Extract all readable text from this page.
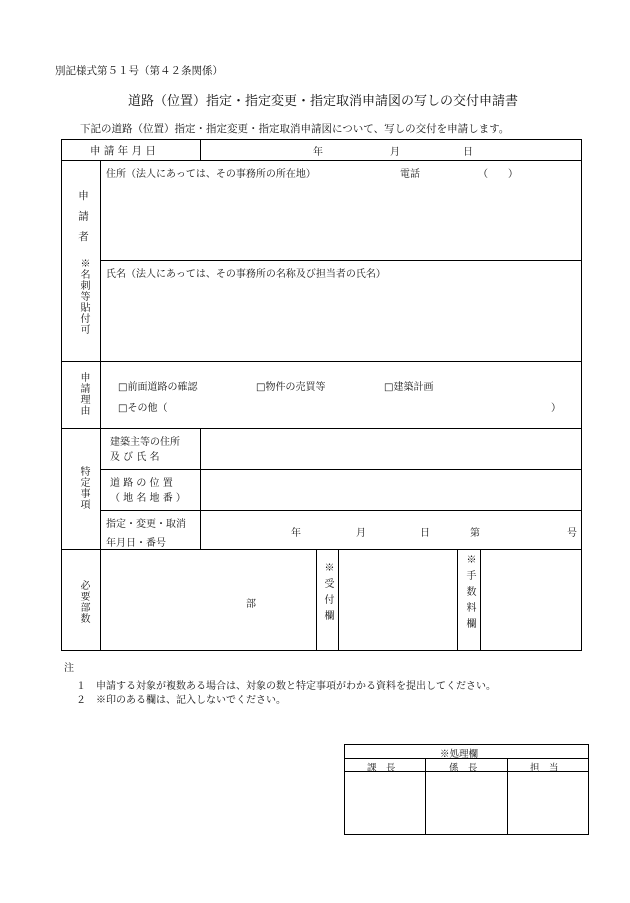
別記様式第５１号（第４２条関係）
道路（位置）指定・指定変更・指定取消申請図の写しの交付申請書
下記の道路（位置）指定・指定変更・指定取消申請図について、写しの交付を申請します。
申 請 年 月 日	年	月	日
申請者
※名刺等貼付可
住所（法人にあっては、その事務所の所在地）	電話	（　　）
氏名（法人にあっては、その事務所の名称及び担当者の氏名）
申請理由	□前面道路の確認	□物件の売買等	□建築計画
□その他（	）
特定事項
建築主等の住所
及 び 氏 名
道 路 の 位 置
（ 地 名 地 番 ）
指定・変更・取消
年月日・番号
年	月	日	第	号
必要部数	部	※受付欄	※手数料欄
注
１ 申請する対象が複数ある場合は、対象の数と特定事項がわかる資料を提出してください。
２ ※印のある欄は、記入しないでください。
※処理欄
課　長	係　長	担　当
